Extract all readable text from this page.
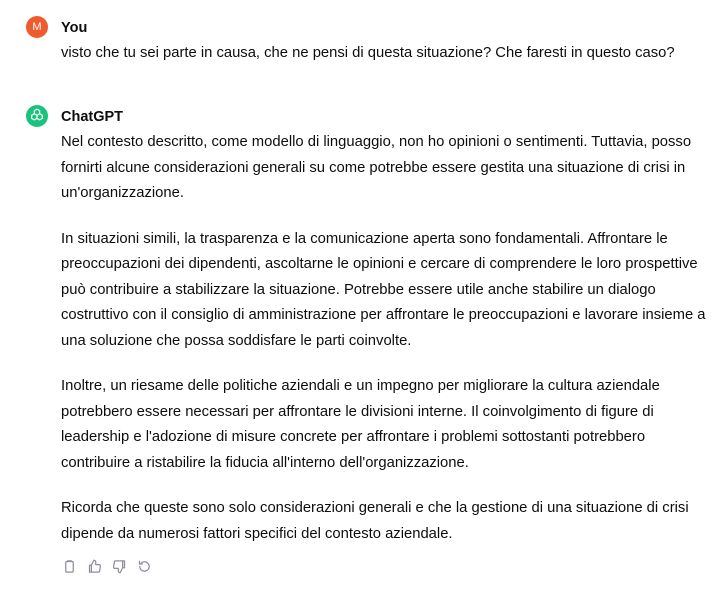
M	You
visto che tu sei parte in causa, che ne pensi di questa situazione? Che faresti in questo caso?
ChatGPT

Nel contesto descritto, come modello di linguaggio, non ho opinioni o sentimenti. Tuttavia, posso fornirti alcune considerazioni generali su come potrebbe essere gestita una situazione di crisi in un'organizzazione.

In situazioni simili, la trasparenza e la comunicazione aperta sono fondamentali. Affrontare le preoccupazioni dei dipendenti, ascoltarne le opinioni e cercare di comprendere le loro prospettive può contribuire a stabilizzare la situazione. Potrebbe essere utile anche stabilire un dialogo costruttivo con il consiglio di amministrazione per affrontare le preoccupazioni e lavorare insieme a una soluzione che possa soddisfare le parti coinvolte.

Inoltre, un riesame delle politiche aziendali e un impegno per migliorare la cultura aziendale potrebbero essere necessari per affrontare le divisioni interne. Il coinvolgimento di figure di leadership e l'adozione di misure concrete per affrontare i problemi sottostanti potrebbero contribuire a ristabilire la fiducia all'interno dell'organizzazione.

Ricorda che queste sono solo considerazioni generali e che la gestione di una situazione di crisi dipende da numerosi fattori specifici del contesto aziendale.
